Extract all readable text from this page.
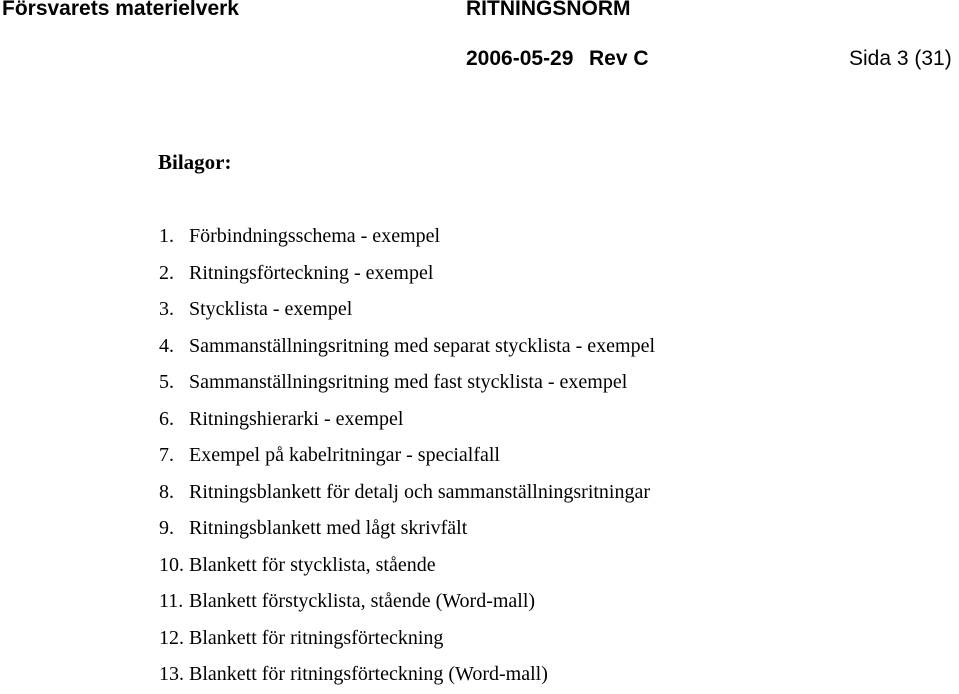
Försvarets materielverk	RITNINGSNORM
2006-05-29 Rev C	Sida 3 (31)
Bilagor:
1. Förbindningsschema - exempel
2. Ritningsförteckning - exempel
3. Stycklista - exempel
4. Sammanställningsritning med separat stycklista - exempel
5. Sammanställningsritning med fast stycklista - exempel
6. Ritningshierarki - exempel
7. Exempel på kabelritningar - specialfall
8. Ritningsblankett för detalj och sammanställningsritningar
9. Ritningsblankett med lågt skrivfält
10. Blankett för stycklista, stående
11. Blankett förstycklista, stående (Word-mall)
12. Blankett för ritningsförteckning
13. Blankett för ritningsförteckning (Word-mall)
